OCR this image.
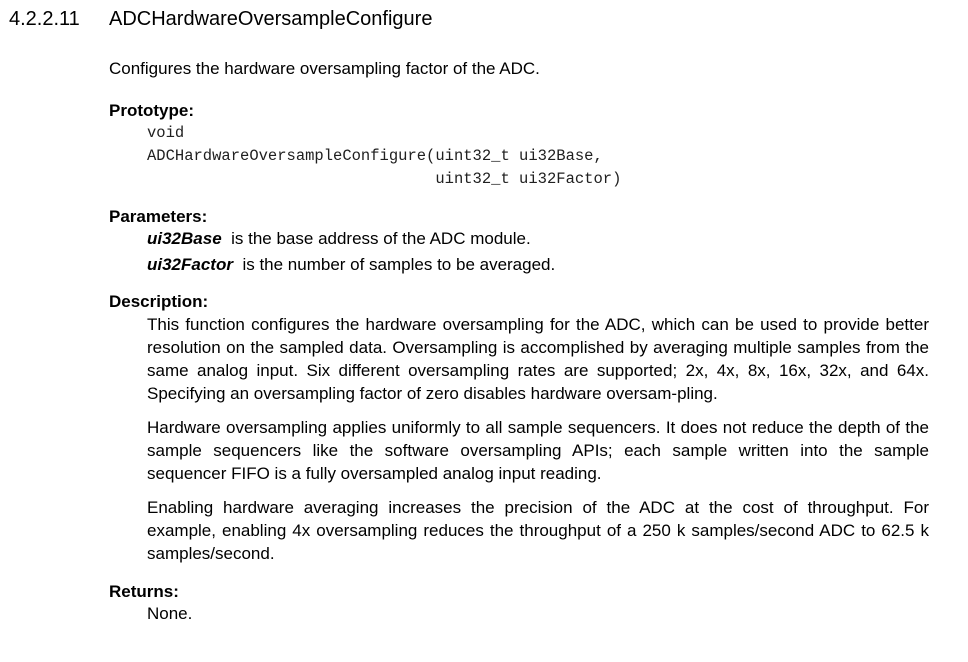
4.2.2.11 ADCHardwareOversampleConfigure

Configures the hardware oversampling factor of the ADC.

Prototype:

void
ADCHardwareOversampleConfigure(uint32_t ui32Base,
uint32_t ui32Factor)

Parameters:

ui32Base is the base address of the ADC module.

ui32Factor is the number of samples to be averaged.

Description:

This function configures the hardware oversampling for the ADC, which can be used to provide better resolution on the sampled data. Oversampling is accomplished by averaging multiple samples from the same analog input. Six different oversampling rates are supported; 2x, 4x, 8x, 16x, 32x, and 64x. Specifying an oversampling factor of zero disables hardware oversam-pling.

Hardware oversampling applies uniformly to all sample sequencers. It does not reduce the depth of the sample sequencers like the software oversampling APIs; each sample written into the sample sequencer FIFO is a fully oversampled analog input reading.

Enabling hardware averaging increases the precision of the ADC at the cost of throughput. For example, enabling 4x oversampling reduces the throughput of a 250 k samples/second ADC to 62.5 k samples/second.

Returns:

None.
